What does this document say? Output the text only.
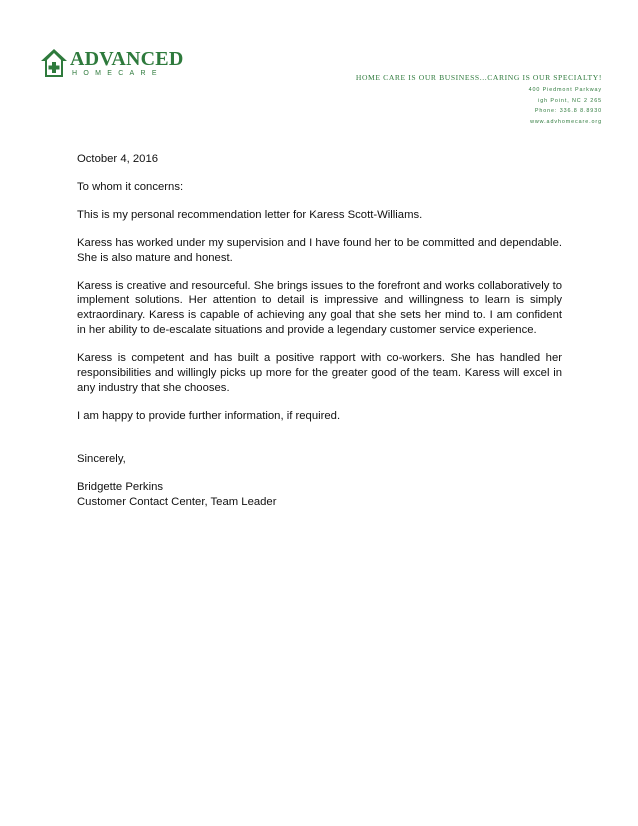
ADVANCED
HOMECARE	HOME CARE IS OUR BUSINESS...CARING IS OUR SPECIALTY!
400 Piedmont Parkway
igh Point, NC 2 265
Phone: 336.8 8.8930
www.advhomecare.org

October 4, 2016

To whom it concerns:

This is my personal recommendation letter for Karess Scott-Williams.

Karess has worked under my supervision and I have found her to be committed and dependable. She is also mature and honest.

Karess is creative and resourceful. She brings issues to the forefront and works collaboratively to implement solutions. Her attention to detail is impressive and willingness to learn is simply extraordinary. Karess is capable of achieving any goal that she sets her mind to. I am confident in her ability to de-escalate situations and provide a legendary customer service experience.

Karess is competent and has built a positive rapport with co-workers. She has handled her responsibilities and willingly picks up more for the greater good of the team. Karess will excel in any industry that she chooses.

I am happy to provide further information, if required.

Sincerely,

Bridgette Perkins
Customer Contact Center, Team Leader
